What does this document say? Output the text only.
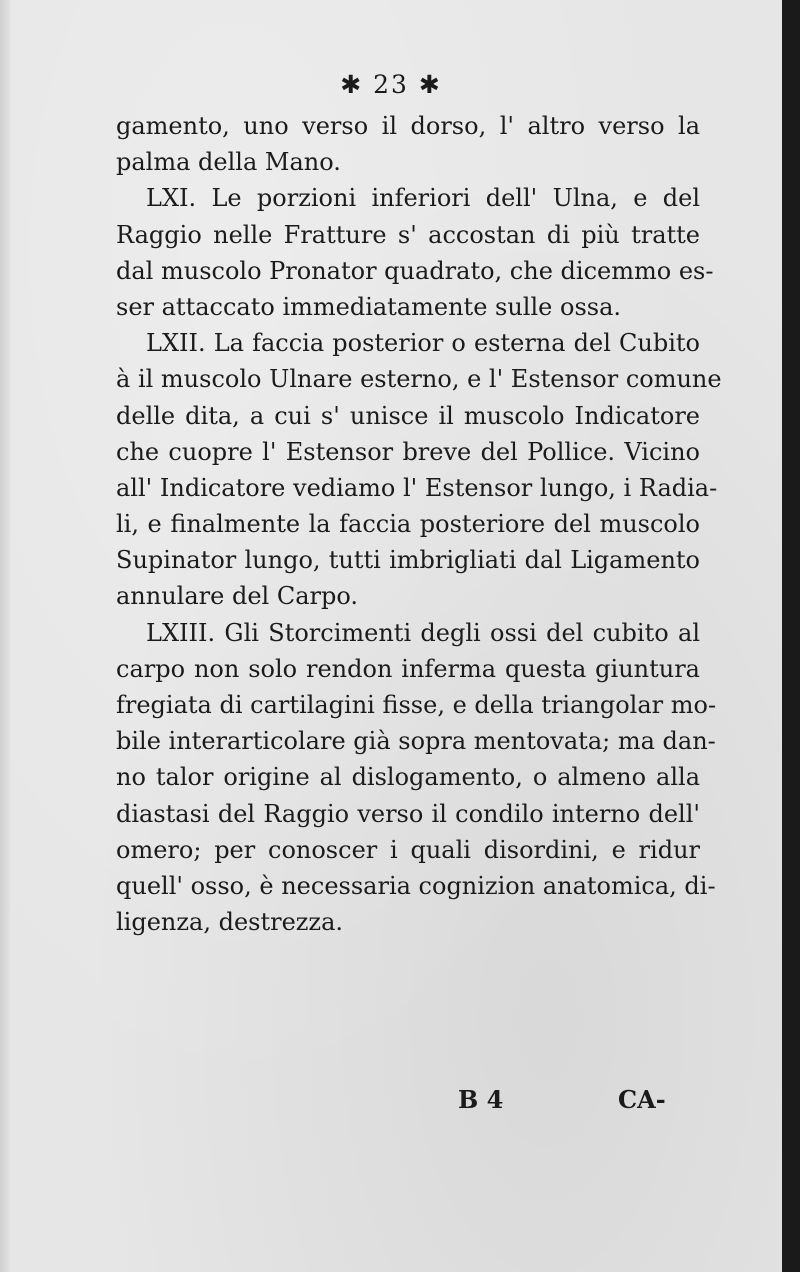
✱ 23 ✱
gamento, uno verso il dorso, l' altro verso la
palma della Mano.
LXI. Le porzioni inferiori dell' Ulna, e del
Raggio nelle Fratture s' accostan di più tratte
dal muscolo Pronator quadrato, che dicemmo es-
ser attaccato immediatamente sulle ossa.
LXII. La faccia posterior o esterna del Cubito
à il muscolo Ulnare esterno, e l' Estensor comune
delle dita, a cui s' unisce il muscolo Indicatore
che cuopre l' Estensor breve del Pollice. Vicino
all' Indicatore vediamo l' Estensor lungo, i Radia-
li, e finalmente la faccia posteriore del muscolo
Supinator lungo, tutti imbrigliati dal Ligamento
annulare del Carpo.
LXIII. Gli Storcimenti degli ossi del cubito al
carpo non solo rendon inferma questa giuntura
fregiata di cartilagini fisse, e della triangolar mo-
bile interarticolare già sopra mentovata; ma dan-
no talor origine al dislogamento, o almeno alla
diastasi del Raggio verso il condilo interno dell'
omero; per conoscer i quali disordini, e ridur
quell' osso, è necessaria cognizion anatomica, di-
ligenza, destrezza.
B 4	CA-
